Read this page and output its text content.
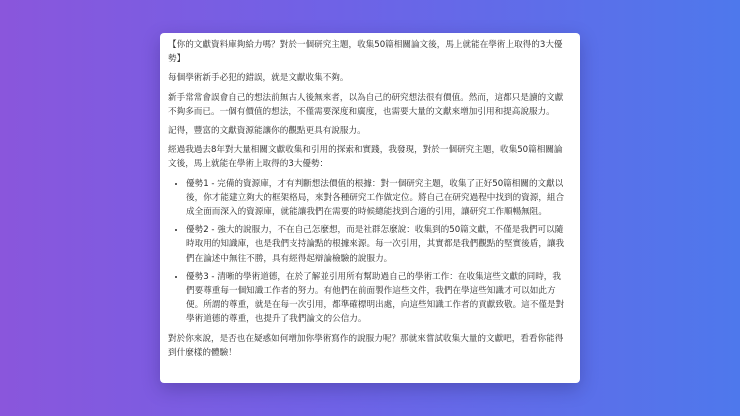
【你的文獻資料庫夠給力嗎？對於一個研究主題，收集50篇相關論文後，馬上就能在學術上取得的3大優勢】

每個學術新手必犯的錯誤，就是文獻收集不夠。

新手常常會誤會自己的想法前無古人後無來者，以為自己的研究想法很有價值。然而，這都只是讀的文獻不夠多而已。一個有價值的想法，不僅需要深度和廣度，也需要大量的文獻來增加引用和提高說服力。

記得，豐富的文獻資源能讓你的觀點更具有說服力。

經過我過去8年對大量相關文獻收集和引用的探索和實踐，我發現，對於一個研究主題，收集50篇相關論文後，馬上就能在學術上取得的3大優勢：

• 優勢1 - 完備的資源庫，才有判斷想法價值的根據：對一個研究主題，收集了正好50篇相關的文獻以後，你才能建立夠大的框架格局，來對各種研究工作做定位。將自己在研究過程中找到的資源，組合成全面而深入的資源庫，就能讓我們在需要的時候總能找到合適的引用，讓研究工作順暢無阻。
• 優勢2 - 強大的說服力，不在自己怎麼想，而是社群怎麼說：收集到的50篇文獻，不僅是我們可以隨時取用的知識庫，也是我們支持論點的根據來源。每一次引用，其實都是我們觀點的堅實後盾，讓我們在論述中無往不勝，具有經得起辯論檢驗的說服力。
• 優勢3 - 清晰的學術道德，在於了解並引用所有幫助過自己的學術工作：在收集這些文獻的同時，我們要尊重每一個知識工作者的努力。有他們在前面製作這些文件，我們在學這些知識才可以如此方便。所謂的尊重，就是在每一次引用，都準確標明出處，向這些知識工作者的貢獻致敬。這不僅是對學術道德的尊重，也提升了我們論文的公信力。

對於你來說，是否也在疑惑如何增加你學術寫作的說服力呢？那就來嘗試收集大量的文獻吧，看看你能得到什麼樣的體驗！
